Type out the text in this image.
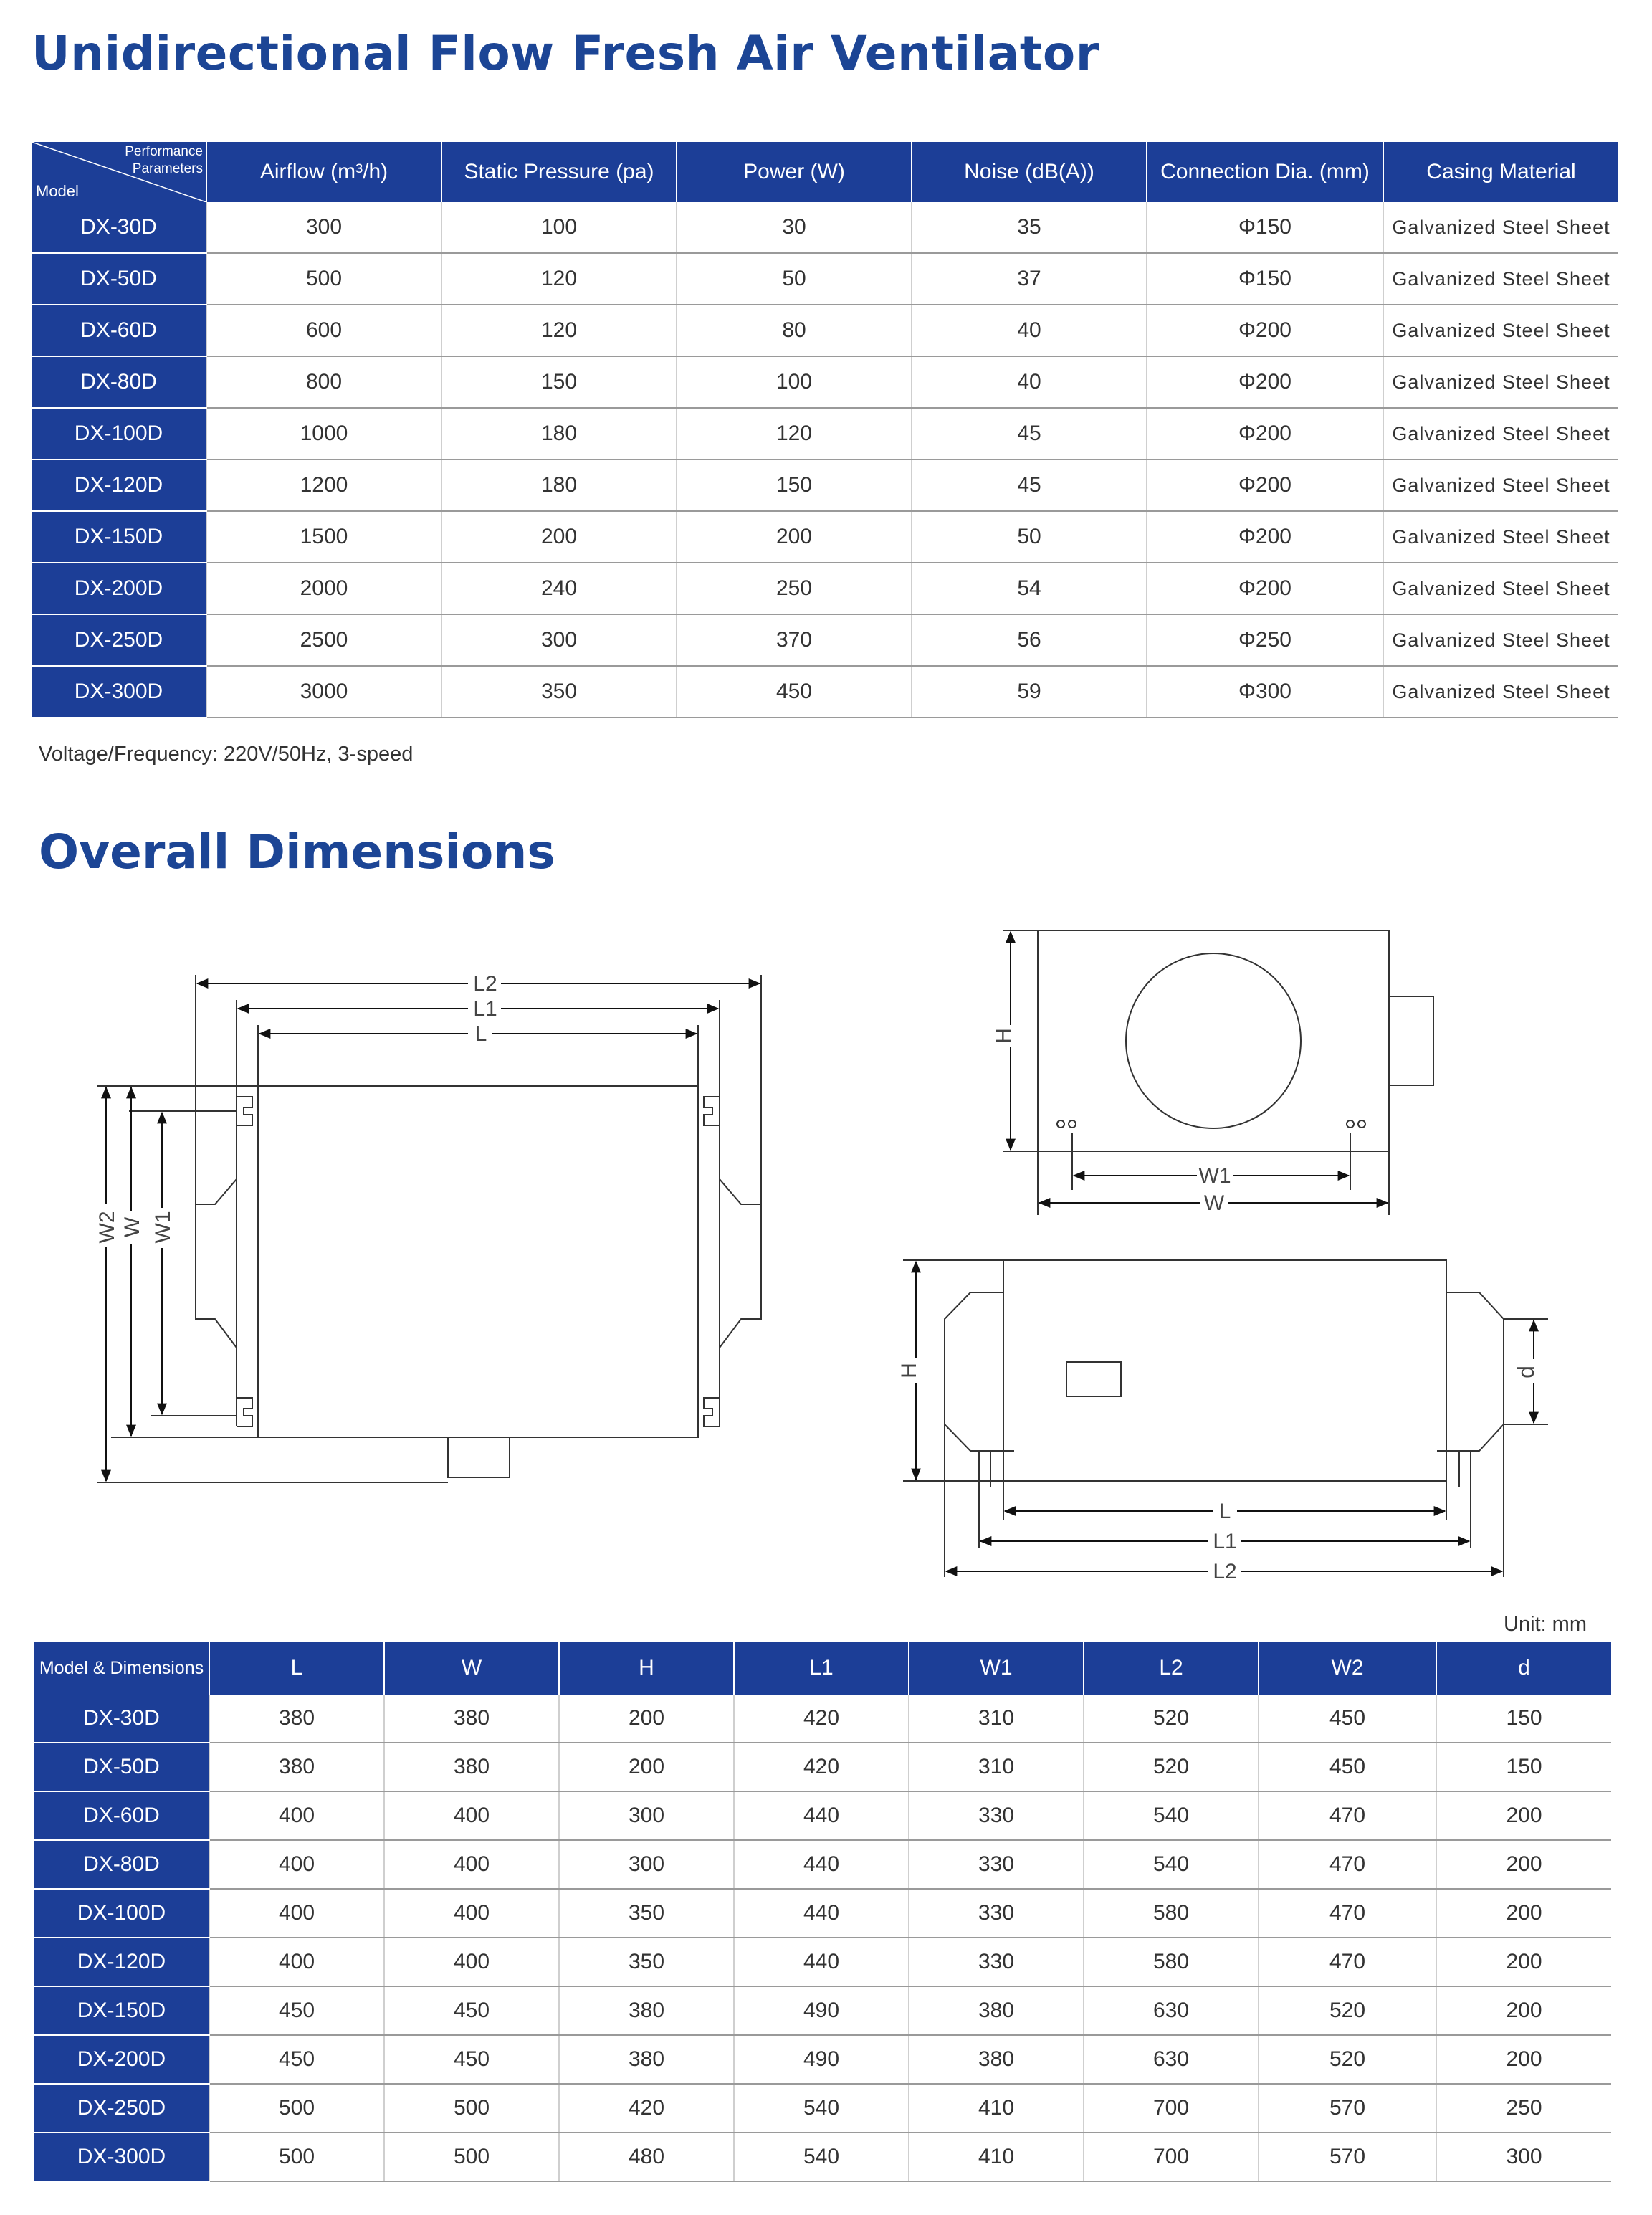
Unidirectional Flow Fresh Air Ventilator
Performance
Parameters
Model	Airflow (m³/h)	Static Pressure (pa)	Power (W)	Noise (dB(A))	Connection Dia. (mm)	Casing Material
DX-30D	300	100	30	35	Φ150	Galvanized Steel Sheet
DX-50D	500	120	50	37	Φ150	Galvanized Steel Sheet
DX-60D	600	120	80	40	Φ200	Galvanized Steel Sheet
DX-80D	800	150	100	40	Φ200	Galvanized Steel Sheet
DX-100D	1000	180	120	45	Φ200	Galvanized Steel Sheet
DX-120D	1200	180	150	45	Φ200	Galvanized Steel Sheet
DX-150D	1500	200	200	50	Φ200	Galvanized Steel Sheet
DX-200D	2000	240	250	54	Φ200	Galvanized Steel Sheet
DX-250D	2500	300	370	56	Φ250	Galvanized Steel Sheet
DX-300D	3000	350	450	59	Φ300	Galvanized Steel Sheet
Voltage/Frequency: 220V/50Hz, 3-speed
Overall Dimensions
L2
L1
L
W2 W W1
H
W1
W
H	d
L
L1
L2
Unit: mm
Model & Dimensions	L	W	H	L1	W1	L2	W2	d
DX-30D	380	380	200	420	310	520	450	150
DX-50D	380	380	200	420	310	520	450	150
DX-60D	400	400	300	440	330	540	470	200
DX-80D	400	400	300	440	330	540	470	200
DX-100D	400	400	350	440	330	580	470	200
DX-120D	400	400	350	440	330	580	470	200
DX-150D	450	450	380	490	380	630	520	200
DX-200D	450	450	380	490	380	630	520	200
DX-250D	500	500	420	540	410	700	570	250
DX-300D	500	500	480	540	410	700	570	300
